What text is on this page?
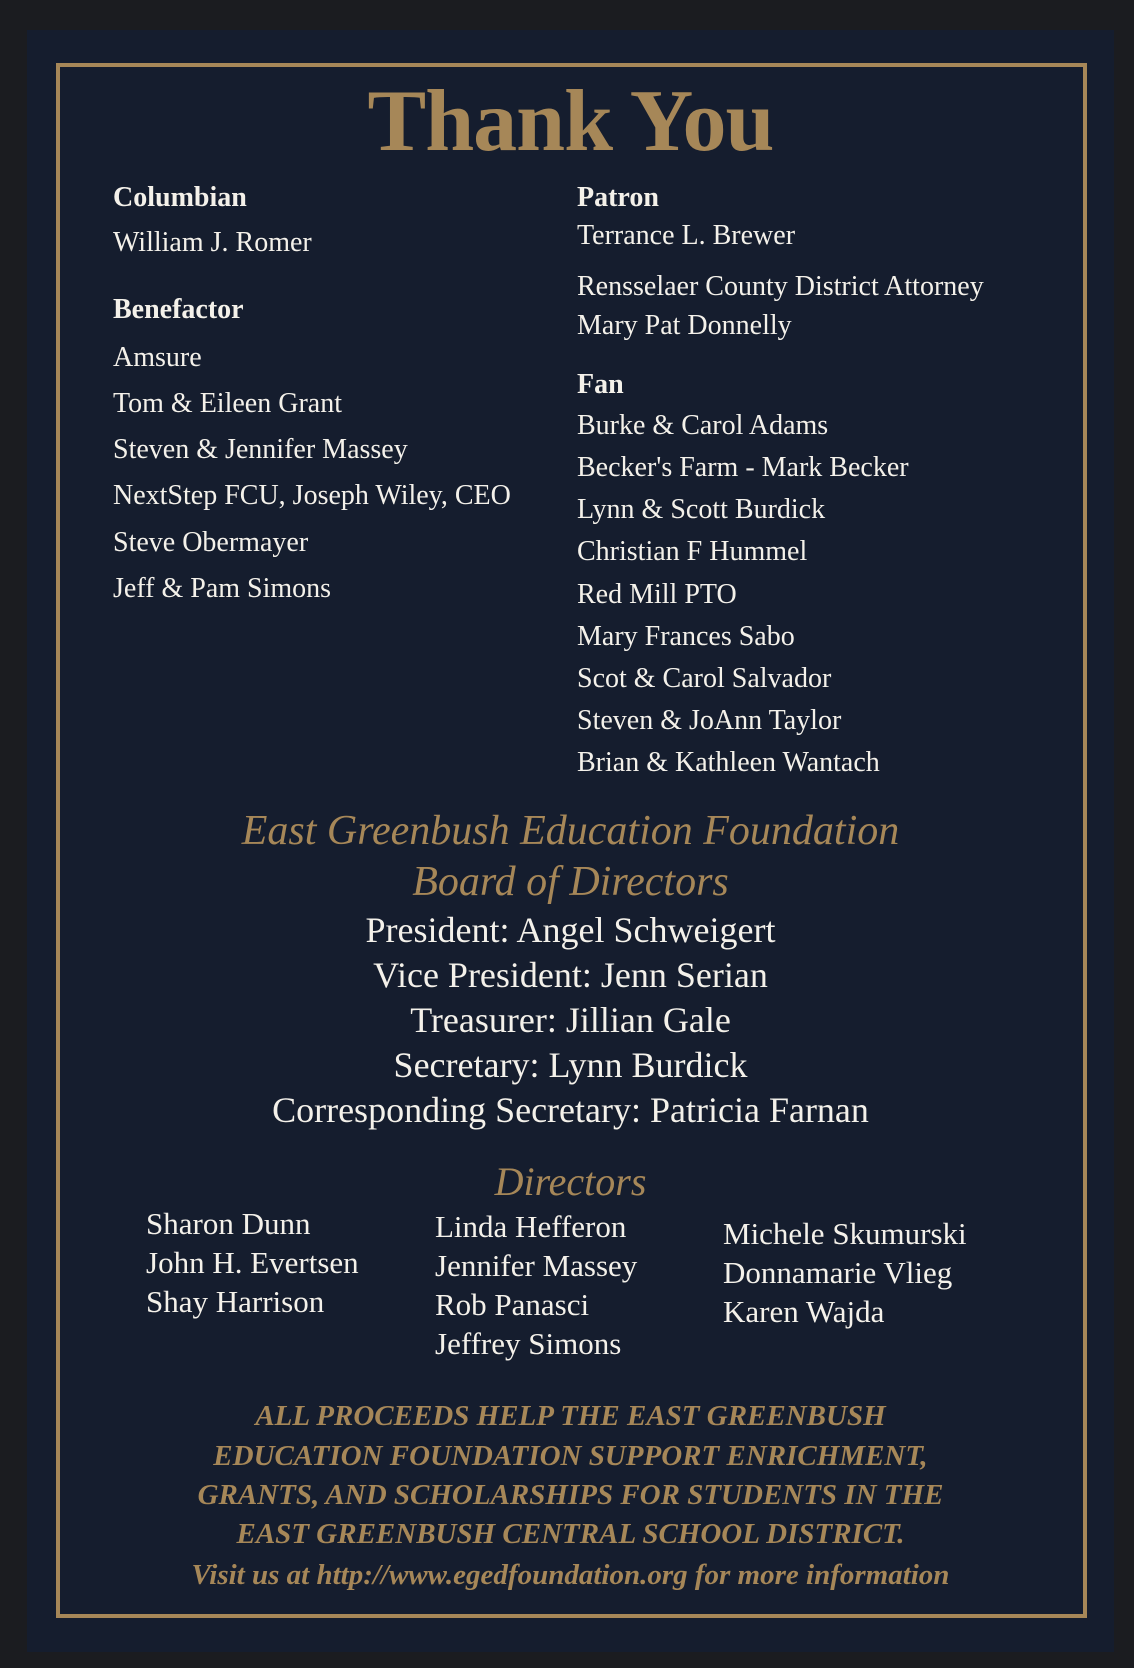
Thank You
Columbian
William J. Romer
Benefactor
Amsure
Tom & Eileen Grant
Steven & Jennifer Massey
NextStep FCU, Joseph Wiley, CEO
Steve Obermayer
Jeff & Pam Simons
Patron
Terrance L. Brewer
Rensselaer County District Attorney
Mary Pat Donnelly
Fan
Burke & Carol Adams
Becker's Farm - Mark Becker
Lynn & Scott Burdick
Christian F Hummel
Red Mill PTO
Mary Frances Sabo
Scot & Carol Salvador
Steven & JoAnn Taylor
Brian & Kathleen Wantach
East Greenbush Education Foundation
Board of Directors
President: Angel Schweigert
Vice President: Jenn Serian
Treasurer: Jillian Gale
Secretary: Lynn Burdick
Corresponding Secretary: Patricia Farnan
Directors
Sharon Dunn
John H. Evertsen
Shay Harrison
Linda Hefferon
Jennifer Massey
Rob Panasci
Jeffrey Simons
Michele Skumurski
Donnamarie Vlieg
Karen Wajda
ALL PROCEEDS HELP THE EAST GREENBUSH
EDUCATION FOUNDATION SUPPORT ENRICHMENT,
GRANTS, AND SCHOLARSHIPS FOR STUDENTS IN THE
EAST GREENBUSH CENTRAL SCHOOL DISTRICT.
Visit us at http://www.egedfoundation.org for more information
